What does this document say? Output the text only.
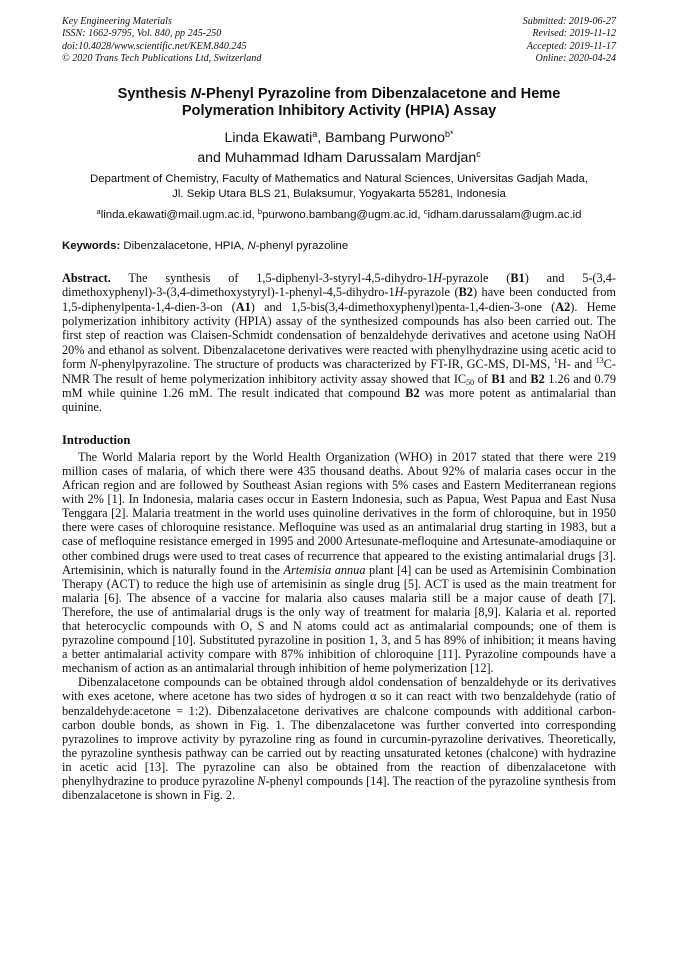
Key Engineering Materials
ISSN: 1662-9795, Vol. 840, pp 245-250
doi:10.4028/www.scientific.net/KEM.840.245
© 2020 Trans Tech Publications Ltd, Switzerland
Submitted: 2019-06-27
Revised: 2019-11-12
Accepted: 2019-11-17
Online: 2020-04-24
Synthesis N-Phenyl Pyrazoline from Dibenzalacetone and Heme
Polymeration Inhibitory Activity (HPIA) Assay
Linda Ekawati$^a$, Bambang Purwono$^{b*}$
and Muhammad Idham Darussalam Mardjan$^c$
Department of Chemistry, Faculty of Mathematics and Natural Sciences, Universitas Gadjah Mada,
Jl. Sekip Utara BLS 21, Bulaksumur, Yogyakarta 55281, Indonesia
$^a$linda.ekawati@mail.ugm.ac.id, $^b$purwono.bambang@ugm.ac.id, $^c$idham.darussalam@ugm.ac.id
Keywords: Dibenzalacetone, HPIA, N-phenyl pyrazoline
Abstract. The synthesis of 1,5-diphenyl-3-styryl-4,5-dihydro-1H-pyrazole (B1) and 5-(3,4-dimethoxyphenyl)-3-(3,4-dimethoxystyryl)-1-phenyl-4,5-dihydro-1H-pyrazole (B2) have been conducted from 1,5-diphenylpenta-1,4-dien-3-on (A1) and 1,5-bis(3,4-dimethoxyphenyl)penta-1,4-dien-3-one (A2). Heme polymerization inhibitory activity (HPIA) assay of the synthesized compounds has also been carried out. The first step of reaction was Claisen-Schmidt condensation of benzaldehyde derivatives and acetone using NaOH 20% and ethanol as solvent. Dibenzalacetone derivatives were reacted with phenylhydrazine using acetic acid to form N-phenylpyrazoline. The structure of products was characterized by FT-IR, GC-MS, DI-MS, $^1$H- and $^{13}$C-NMR The result of heme polymerization inhibitory activity assay showed that $IC_{50}$ of B1 and B2 1.26 and 0.79 mM while quinine 1.26 mM. The result indicated that compound B2 was more potent as antimalarial than quinine.
Introduction

The World Malaria report by the World Health Organization (WHO) in 2017 stated that there were 219 million cases of malaria, of which there were 435 thousand deaths. About 92% of malaria cases occur in the African region and are followed by Southeast Asian regions with 5% cases and Eastern Mediterranean regions with 2% [1]. In Indonesia, malaria cases occur in Eastern Indonesia, such as Papua, West Papua and East Nusa Tenggara [2]. Malaria treatment in the world uses quinoline derivatives in the form of chloroquine, but in 1950 there were cases of chloroquine resistance. Mefloquine was used as an antimalarial drug starting in 1983, but a case of mefloquine resistance emerged in 1995 and 2000 Artesunate-mefloquine and Artesunate-amodiaquine or other combined drugs were used to treat cases of recurrence that appeared to the existing antimalarial drugs [3]. Artemisinin, which is naturally found in the Artemisia annua plant [4] can be used as Artemisinin Combination Therapy (ACT) to reduce the high use of artemisinin as single drug [5]. ACT is used as the main treatment for malaria [6]. The absence of a vaccine for malaria also causes malaria still be a major cause of death [7]. Therefore, the use of antimalarial drugs is the only way of treatment for malaria [8,9]. Kalaria et al. reported that heterocyclic compounds with O, S and N atoms could act as antimalarial compounds; one of them is pyrazoline compound [10]. Substituted pyrazoline in position 1, 3, and 5 has 89% of inhibition; it means having a better antimalarial activity compare with 87% inhibition of chloroquine [11]. Pyrazoline compounds have a mechanism of action as an antimalarial through inhibition of heme polymerization [12].

Dibenzalacetone compounds can be obtained through aldol condensation of benzaldehyde or its derivatives with exes acetone, where acetone has two sides of hydrogen α so it can react with two benzaldehyde (ratio of benzaldehyde:acetone = 1:2). Dibenzalacetone derivatives are chalcone compounds with additional carbon-carbon double bonds, as shown in Fig. 1. The dibenzalacetone was further converted into corresponding pyrazolines to improve activity by pyrazoline ring as found in curcumin-pyrazoline derivatives. Theoretically, the pyrazoline synthesis pathway can be carried out by reacting unsaturated ketones (chalcone) with hydrazine in acetic acid [13]. The pyrazoline can also be obtained from the reaction of dibenzalacetone with phenylhydrazine to produce pyrazoline N-phenyl compounds [14]. The reaction of the pyrazoline synthesis from dibenzalacetone is shown in Fig. 2.
